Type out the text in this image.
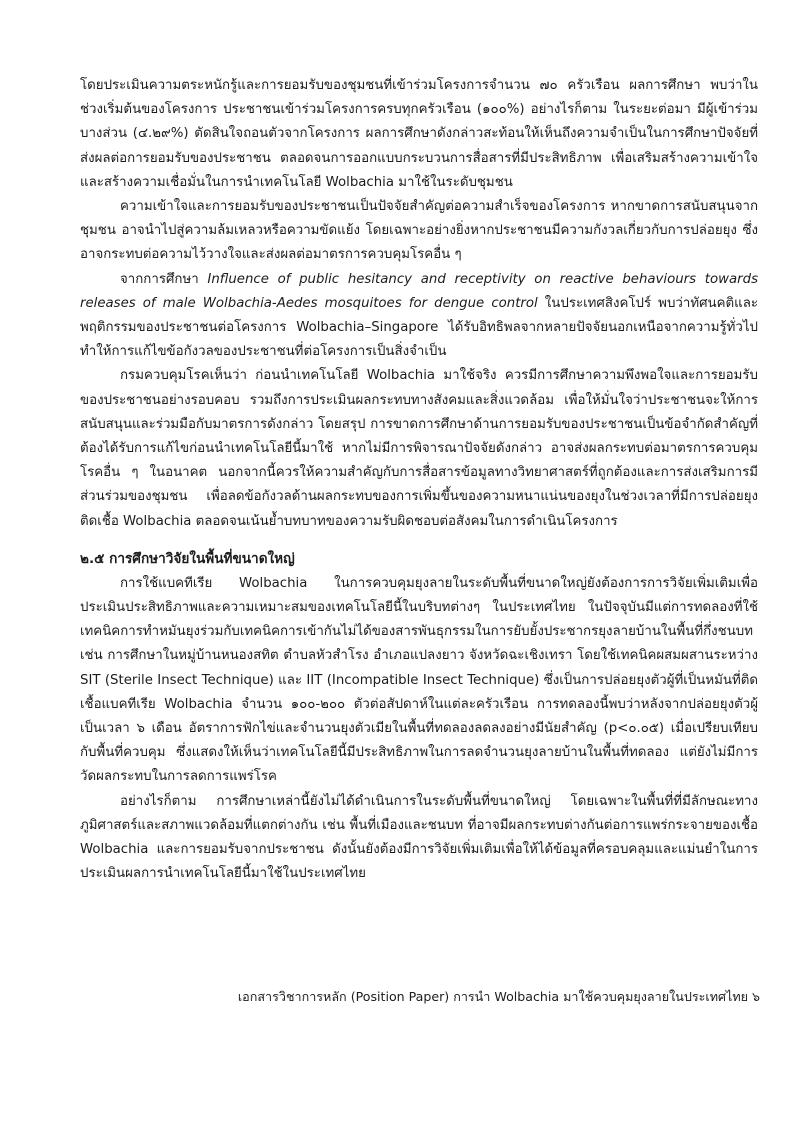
โดยประเมินความตระหนักรู้และการยอมรับของชุมชนที่เข้าร่วมโครงการจำนวน ๗๐ ครัวเรือน ผลการศึกษา พบว่าในช่วงเริ่มต้นของโครงการ ประชาชนเข้าร่วมโครงการครบทุกครัวเรือน (๑๐๐%) อย่างไรก็ตาม ในระยะต่อมา มีผู้เข้าร่วมบางส่วน (๔.๒๙%) ตัดสินใจถอนตัวจากโครงการ ผลการศึกษาดังกล่าวสะท้อนให้เห็นถึงความจำเป็นในการศึกษาปัจจัยที่ส่งผลต่อการยอมรับของประชาชน ตลอดจนการออกแบบกระบวนการสื่อสารที่มีประสิทธิภาพ เพื่อเสริมสร้างความเข้าใจและสร้างความเชื่อมั่นในการนำเทคโนโลยี Wolbachia มาใช้ในระดับชุมชน

ความเข้าใจและการยอมรับของประชาชนเป็นปัจจัยสำคัญต่อความสำเร็จของโครงการ หากขาดการสนับสนุนจากชุมชน อาจนำไปสู่ความล้มเหลวหรือความขัดแย้ง โดยเฉพาะอย่างยิ่งหากประชาชนมีความกังวลเกี่ยวกับการปล่อยยุง ซึ่งอาจกระทบต่อความไว้วางใจและส่งผลต่อมาตรการควบคุมโรคอื่น ๆ

จากการศึกษา Influence of public hesitancy and receptivity on reactive behaviours towards releases of male Wolbachia-Aedes mosquitoes for dengue control ในประเทศสิงคโปร์ พบว่าทัศนคติและพฤติกรรมของประชาชนต่อโครงการ Wolbachia–Singapore ได้รับอิทธิพลจากหลายปัจจัยนอกเหนือจากความรู้ทั่วไป ทำให้การแก้ไขข้อกังวลของประชาชนที่ต่อโครงการเป็นสิ่งจำเป็น

กรมควบคุมโรคเห็นว่า ก่อนนำเทคโนโลยี Wolbachia มาใช้จริง ควรมีการศึกษาความพึงพอใจและการยอมรับของประชาชนอย่างรอบคอบ รวมถึงการประเมินผลกระทบทางสังคมและสิ่งแวดล้อม เพื่อให้มั่นใจว่าประชาชนจะให้การสนับสนุนและร่วมมือกับมาตรการดังกล่าว โดยสรุป การขาดการศึกษาด้านการยอมรับของประชาชนเป็นข้อจำกัดสำคัญที่ต้องได้รับการแก้ไขก่อนนำเทคโนโลยีนี้มาใช้ หากไม่มีการพิจารณาปัจจัยดังกล่าว อาจส่งผลกระทบต่อมาตรการควบคุมโรคอื่น ๆ ในอนาคต นอกจากนี้ควรให้ความสำคัญกับการสื่อสารข้อมูลทางวิทยาศาสตร์ที่ถูกต้องและการส่งเสริมการมีส่วนร่วมของชุมชน เพื่อลดข้อกังวลด้านผลกระทบของการเพิ่มขึ้นของความหนาแน่นของยุงในช่วงเวลาที่มีการปล่อยยุงติดเชื้อ Wolbachia ตลอดจนเน้นย้ำบทบาทของความรับผิดชอบต่อสังคมในการดำเนินโครงการ

๒.๕ การศึกษาวิจัยในพื้นที่ขนาดใหญ่

การใช้แบคทีเรีย Wolbachia ในการควบคุมยุงลายในระดับพื้นที่ขนาดใหญ่ยังต้องการการวิจัยเพิ่มเติมเพื่อประเมินประสิทธิภาพและความเหมาะสมของเทคโนโลยีนี้ในบริบทต่างๆ ในประเทศไทย ในปัจจุบันมีแต่การทดลองที่ใช้เทคนิคการทำหมันยุงร่วมกับเทคนิคการเข้ากันไม่ได้ของสารพันธุกรรมในการยับยั้งประชากรยุงลายบ้านในพื้นที่กึ่งชนบท เช่น การศึกษาในหมู่บ้านหนองสทิต ตำบลหัวสำโรง อำเภอแปลงยาว จังหวัดฉะเชิงเทรา โดยใช้เทคนิคผสมผสานระหว่าง SIT (Sterile Insect Technique) และ IIT (Incompatible Insect Technique) ซึ่งเป็นการปล่อยยุงตัวผู้ที่เป็นหมันที่ติดเชื้อแบคทีเรีย Wolbachia จำนวน ๑๐๐-๒๐๐ ตัวต่อสัปดาห์ในแต่ละครัวเรือน การทดลองนี้พบว่าหลังจากปล่อยยุงตัวผู้เป็นเวลา ๖ เดือน อัตราการฟักไข่และจำนวนยุงตัวเมียในพื้นที่ทดลองลดลงอย่างมีนัยสำคัญ (p<๐.๐๕) เมื่อเปรียบเทียบกับพื้นที่ควบคุม ซึ่งแสดงให้เห็นว่าเทคโนโลยีนี้มีประสิทธิภาพในการลดจำนวนยุงลายบ้านในพื้นที่ทดลอง แต่ยังไม่มีการวัดผลกระทบในการลดการแพร่โรค

อย่างไรก็ตาม การศึกษาเหล่านี้ยังไม่ได้ดำเนินการในระดับพื้นที่ขนาดใหญ่ โดยเฉพาะในพื้นที่ที่มีลักษณะทางภูมิศาสตร์และสภาพแวดล้อมที่แตกต่างกัน เช่น พื้นที่เมืองและชนบท ที่อาจมีผลกระทบต่างกันต่อการแพร่กระจายของเชื้อ Wolbachia และการยอมรับจากประชาชน ดังนั้นยังต้องมีการวิจัยเพิ่มเติมเพื่อให้ได้ข้อมูลที่ครอบคลุมและแม่นยำในการประเมินผลการนำเทคโนโลยีนี้มาใช้ในประเทศไทย

เอกสารวิชาการหลัก (Position Paper) การนำ Wolbachia มาใช้ควบคุมยุงลายในประเทศไทย ๖
